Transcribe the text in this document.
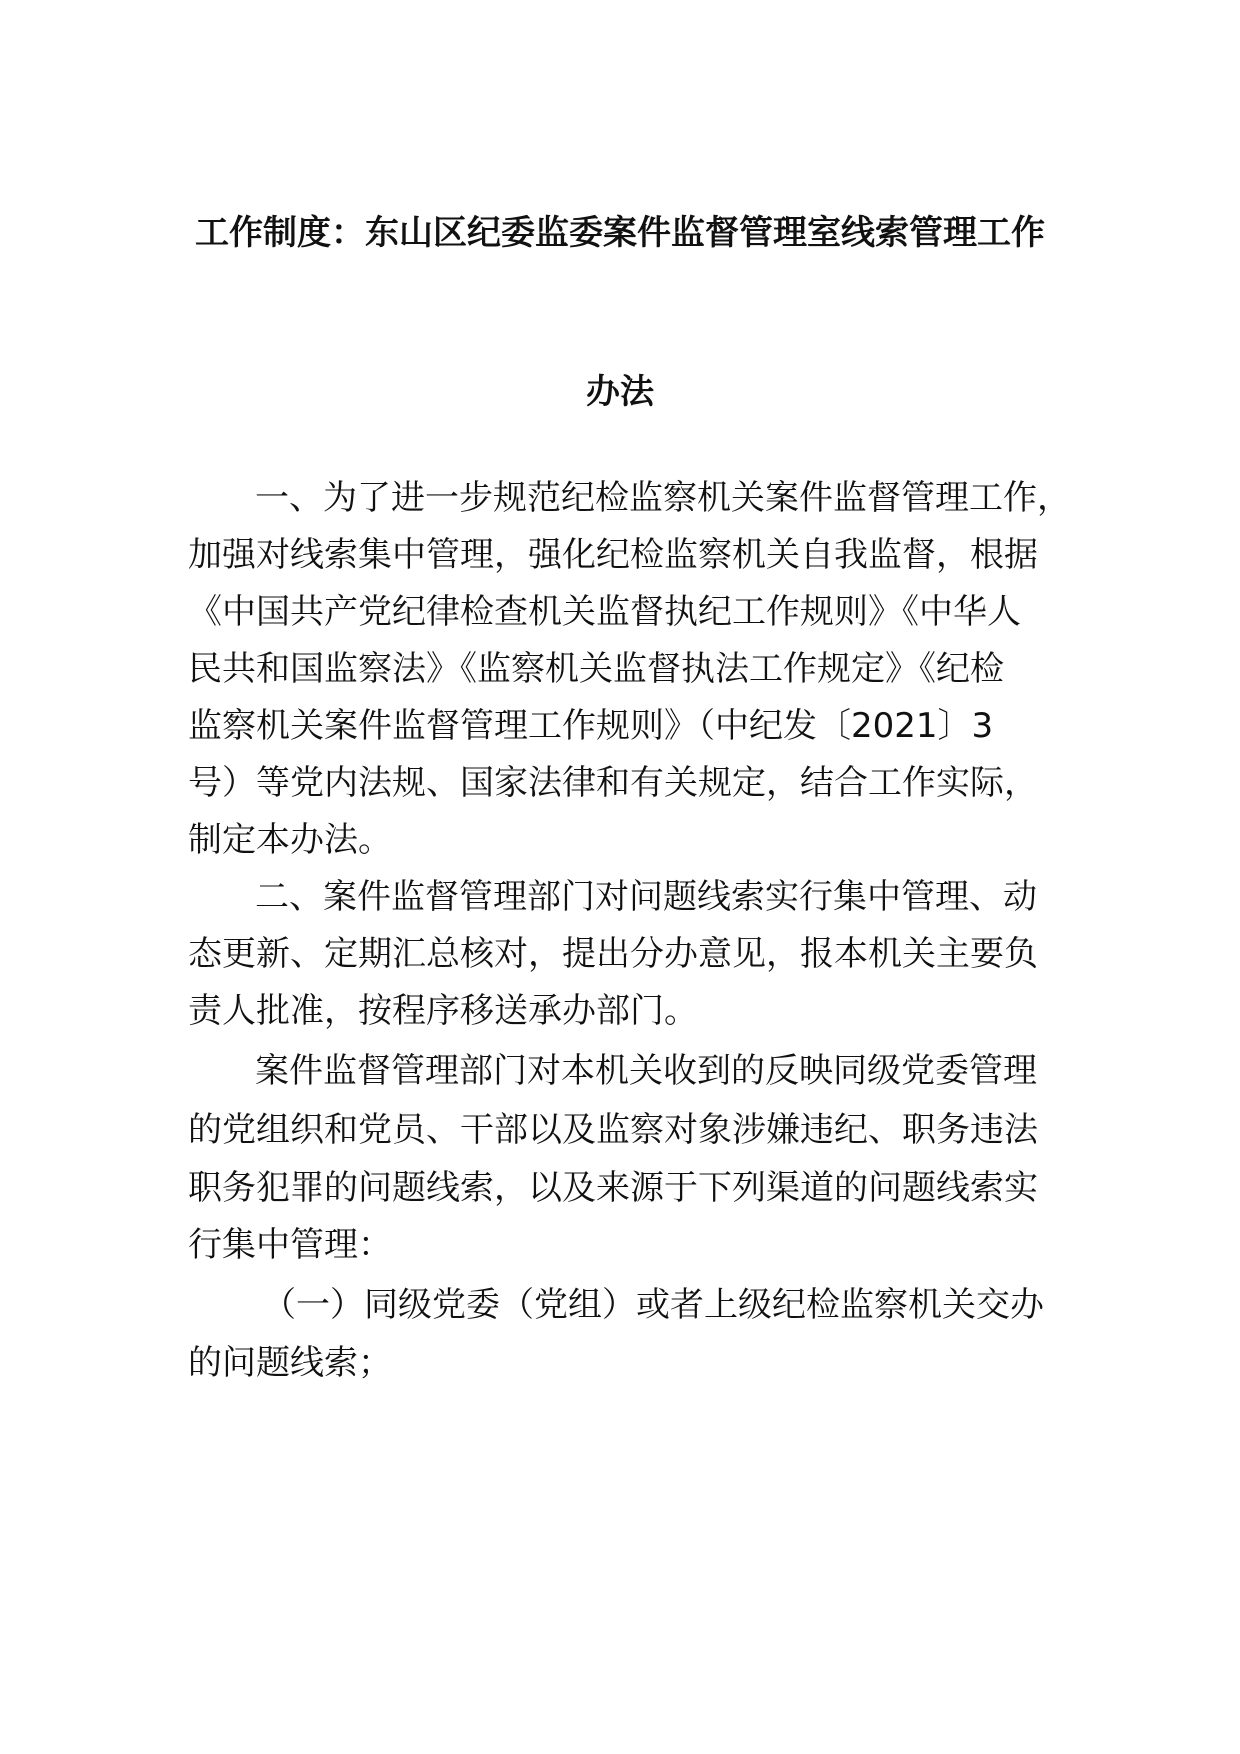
工作制度：东山区纪委监委案件监督管理室线索管理工作
办法
一、为了进一步规范纪检监察机关案件监督管理工作，
加强对线索集中管理，强化纪检监察机关自我监督，根据
《中国共产党纪律检查机关监督执纪工作规则》《中华人
民共和国监察法》《监察机关监督执法工作规定》《纪检
监察机关案件监督管理工作规则》（中纪发〔2021〕3
号）等党内法规、国家法律和有关规定，结合工作实际，
制定本办法。
二、案件监督管理部门对问题线索实行集中管理、动
态更新、定期汇总核对，提出分办意见，报本机关主要负
责人批准，按程序移送承办部门。
案件监督管理部门对本机关收到的反映同级党委管理
的党组织和党员、干部以及监察对象涉嫌违纪、职务违法
职务犯罪的问题线索，以及来源于下列渠道的问题线索实
行集中管理：
（一）同级党委（党组）或者上级纪检监察机关交办
的问题线索；
